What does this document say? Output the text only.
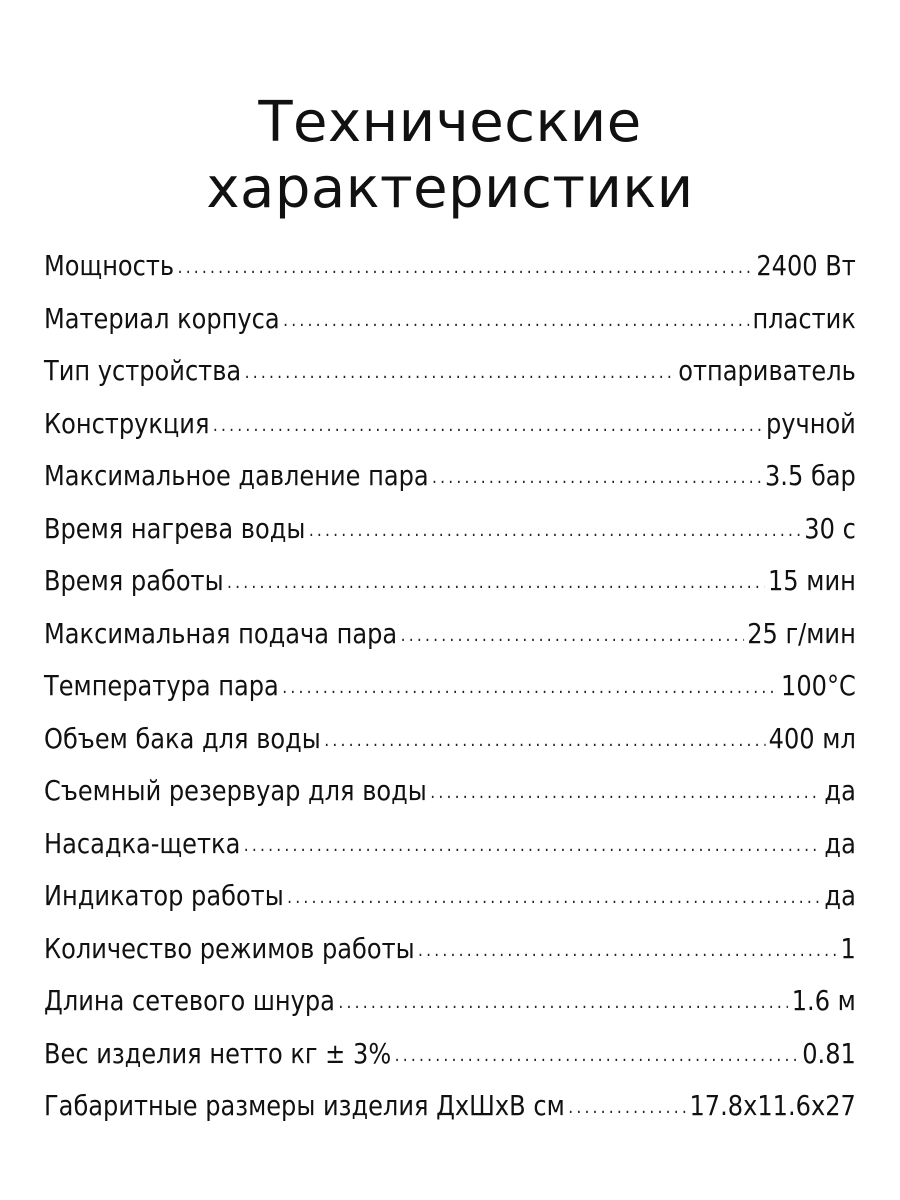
Технические
характеристики
Мощность . . .	2400 Вт
Материал корпуса . . .	пластик
Тип устройства . . .	отпариватель
Конструкция . . .	ручной
Максимальное давление пара . . .	3.5 бар
Время нагрева воды . . .	30 с
Время работы . . .	15 мин
Максимальная подача пара . . .	25 г/мин
Температура пара . . .	100°C
Объем бака для воды . . .	400 мл
Съемный резервуар для воды . . .	да
Насадка-щетка . . .	да
Индикатор работы . . .	да
Количество режимов работы . . .	1
Длина сетевого шнура . . .	1.6 м
Вес изделия нетто кг ± 3% . . .	0.81
Габаритные размеры изделия ДхШхВ см . . .	17.8x11.6x27
